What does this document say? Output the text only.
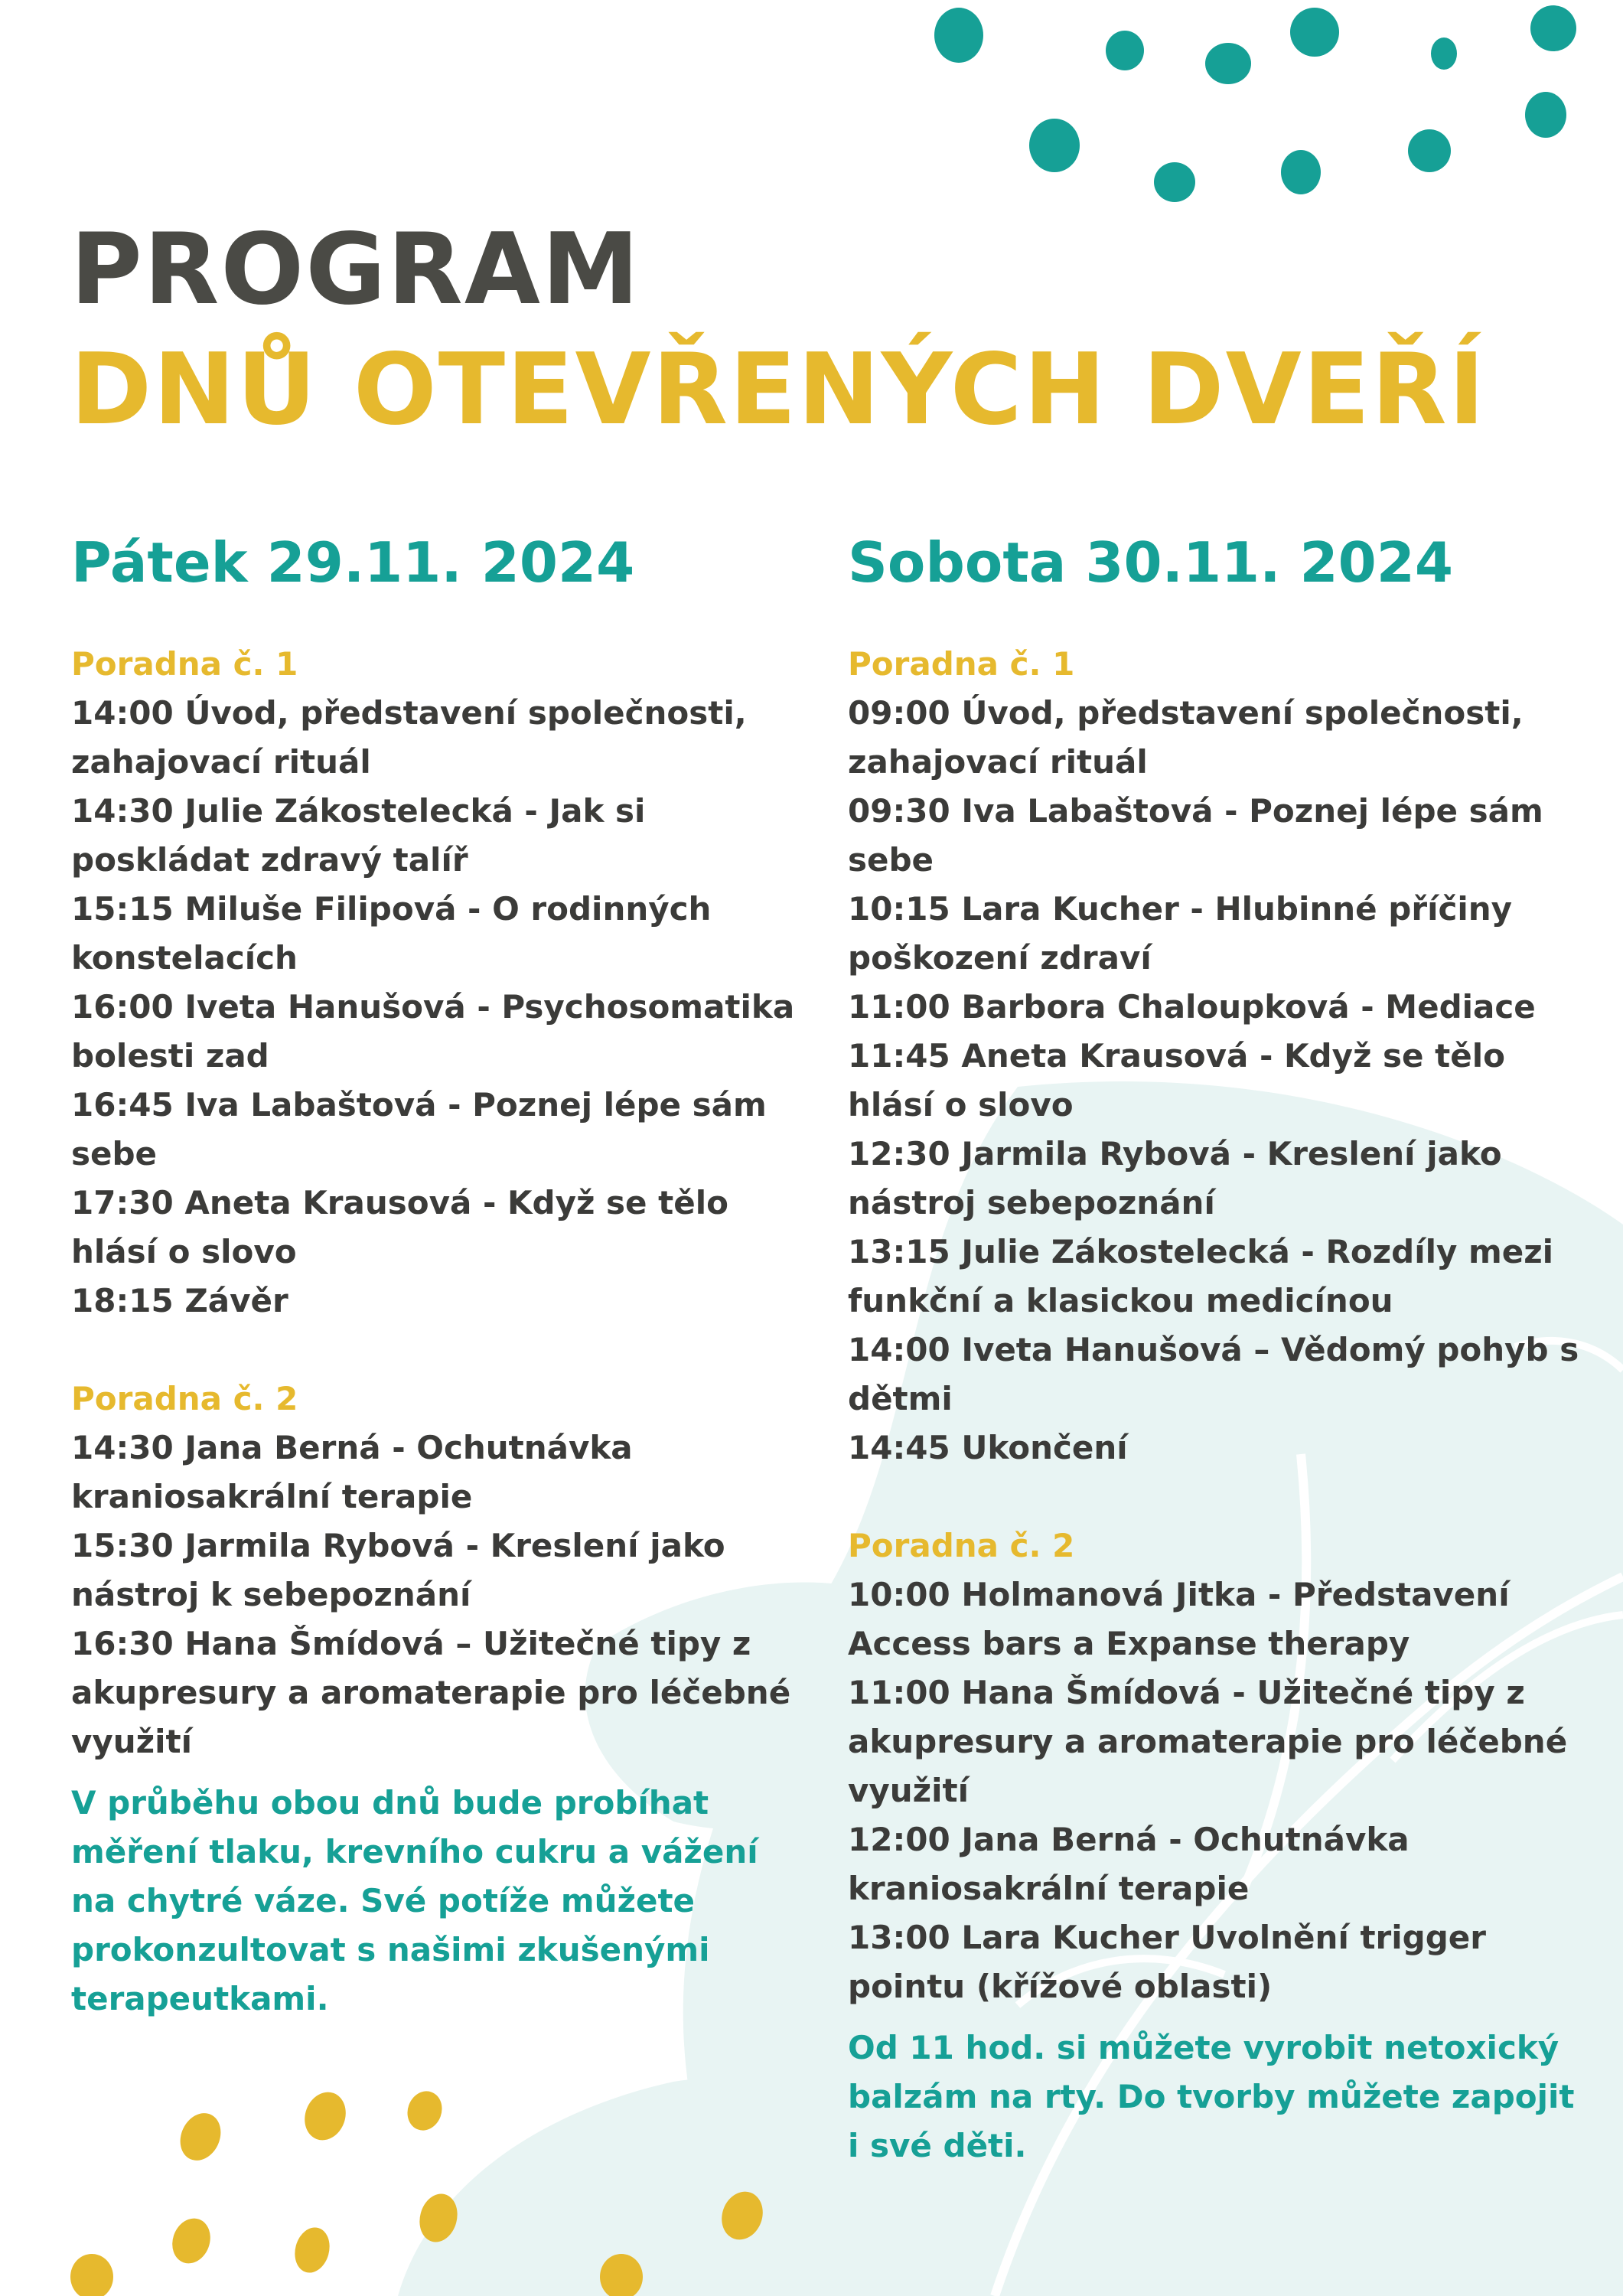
PROGRAM
DNŮ OTEVŘENÝCH DVEŘÍ
Pátek 29.11. 2024
Poradna č. 1
14:00 Úvod, představení společnosti, zahajovací rituál
14:30 Julie Zákostelecká - Jak si poskládat zdravý talíř
15:15 Miluše Filipová - O rodinných konstelacích
16:00 Iveta Hanušová - Psychosomatika bolesti zad
16:45 Iva Labaštová - Poznej lépe sám sebe
17:30 Aneta Krausová - Když se tělo hlásí o slovo
18:15 Závěr
Poradna č. 2
14:30 Jana Berná - Ochutnávka kraniosakrální terapie
15:30 Jarmila Rybová - Kreslení jako nástroj k sebepoznání
16:30 Hana Šmídová – Užitečné tipy z akupresury a aromaterapie pro léčebné využití

V průběhu obou dnů bude probíhat měření tlaku, krevního cukru a vážení na chytré váze. Své potíže můžete prokonzultovat s našimi zkušenými terapeutkami.

Sobota 30.11. 2024
Poradna č. 1
09:00 Úvod, představení společnosti, zahajovací rituál
09:30 Iva Labaštová - Poznej lépe sám sebe
10:15 Lara Kucher - Hlubinné příčiny poškození zdraví
11:00 Barbora Chaloupková - Mediace
11:45 Aneta Krausová - Když se tělo hlásí o slovo
12:30 Jarmila Rybová - Kreslení jako nástroj sebepoznání
13:15 Julie Zákostelecká - Rozdíly mezi funkční a klasickou medicínou
14:00 Iveta Hanušová – Vědomý pohyb s dětmi
14:45 Ukončení
Poradna č. 2
10:00 Holmanová Jitka - Představení Access bars a Expanse therapy
11:00 Hana Šmídová - Užitečné tipy z akupresury a aromaterapie pro léčebné využití
12:00 Jana Berná - Ochutnávka kraniosakrální terapie
13:00 Lara Kucher Uvolnění trigger pointu (křížové oblasti)

Od 11 hod. si můžete vyrobit netoxický balzám na rty. Do tvorby můžete zapojit i své děti.
